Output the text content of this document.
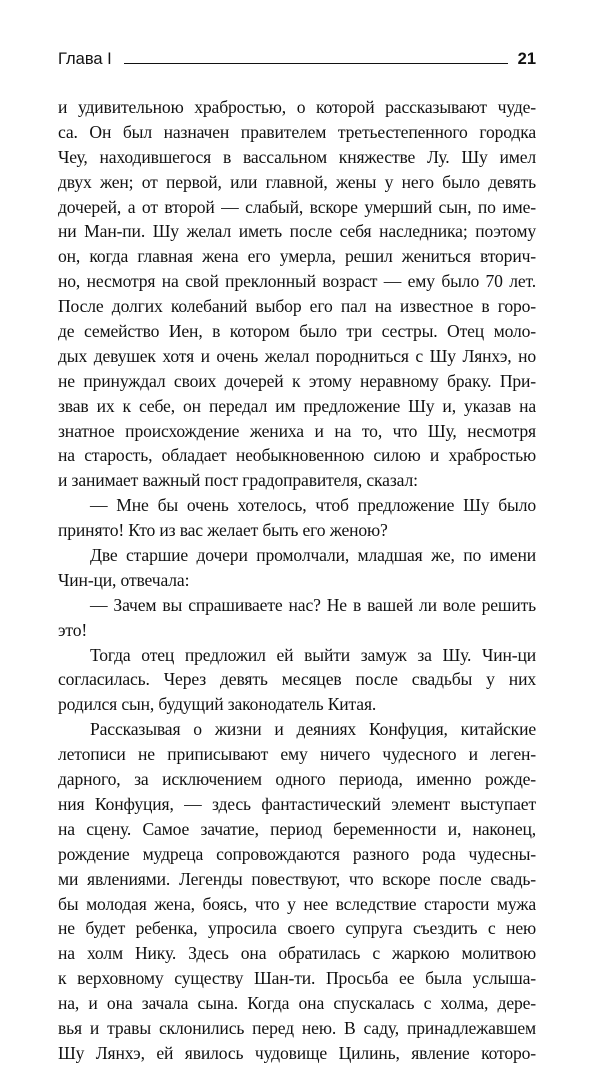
Глава I	21
и удивительною храбростью, о которой рассказывают чуде-
са. Он был назначен правителем третьестепенного городка
Чеу, находившегося в вассальном княжестве Лу. Шу имел
двух жен; от первой, или главной, жены у него было девять
дочерей, а от второй — слабый, вскоре умерший сын, по име-
ни Ман-пи. Шу желал иметь после себя наследника; поэтому
он, когда главная жена его умерла, решил жениться вторич-
но, несмотря на свой преклонный возраст — ему было 70 лет.
После долгих колебаний выбор его пал на известное в горо-
де семейство Иен, в котором было три сестры. Отец моло-
дых девушек хотя и очень желал породниться с Шу Лянхэ, но
не принуждал своих дочерей к этому неравному браку. При-
звав их к себе, он передал им предложение Шу и, указав на
знатное происхождение жениха и на то, что Шу, несмотря
на старость, обладает необыкновенною силою и храбростью
и занимает важный пост градоправителя, сказал:
— Мне бы очень хотелось, чтоб предложение Шу было
принято! Кто из вас желает быть его женою?
Две старшие дочери промолчали, младшая же, по имени
Чин-ци, отвечала:
— Зачем вы спрашиваете нас? Не в вашей ли воле решить
это!
Тогда отец предложил ей выйти замуж за Шу. Чин-ци
согласилась. Через девять месяцев после свадьбы у них
родился сын, будущий законодатель Китая.
Рассказывая о жизни и деяниях Конфуция, китайские
летописи не приписывают ему ничего чудесного и леген-
дарного, за исключением одного периода, именно рожде-
ния Конфуция, — здесь фантастический элемент выступает
на сцену. Самое зачатие, период беременности и, наконец,
рождение мудреца сопровождаются разного рода чудесны-
ми явлениями. Легенды повествуют, что вскоре после свадь-
бы молодая жена, боясь, что у нее вследствие старости мужа
не будет ребенка, упросила своего супруга съездить с нею
на холм Нику. Здесь она обратилась с жаркою молитвою
к верховному существу Шан-ти. Просьба ее была услыша-
на, и она зачала сына. Когда она спускалась с холма, дере-
вья и травы склонились перед нею. В саду, принадлежавшем
Шу Лянхэ, ей явилось чудовище Цилинь, явление которо-
